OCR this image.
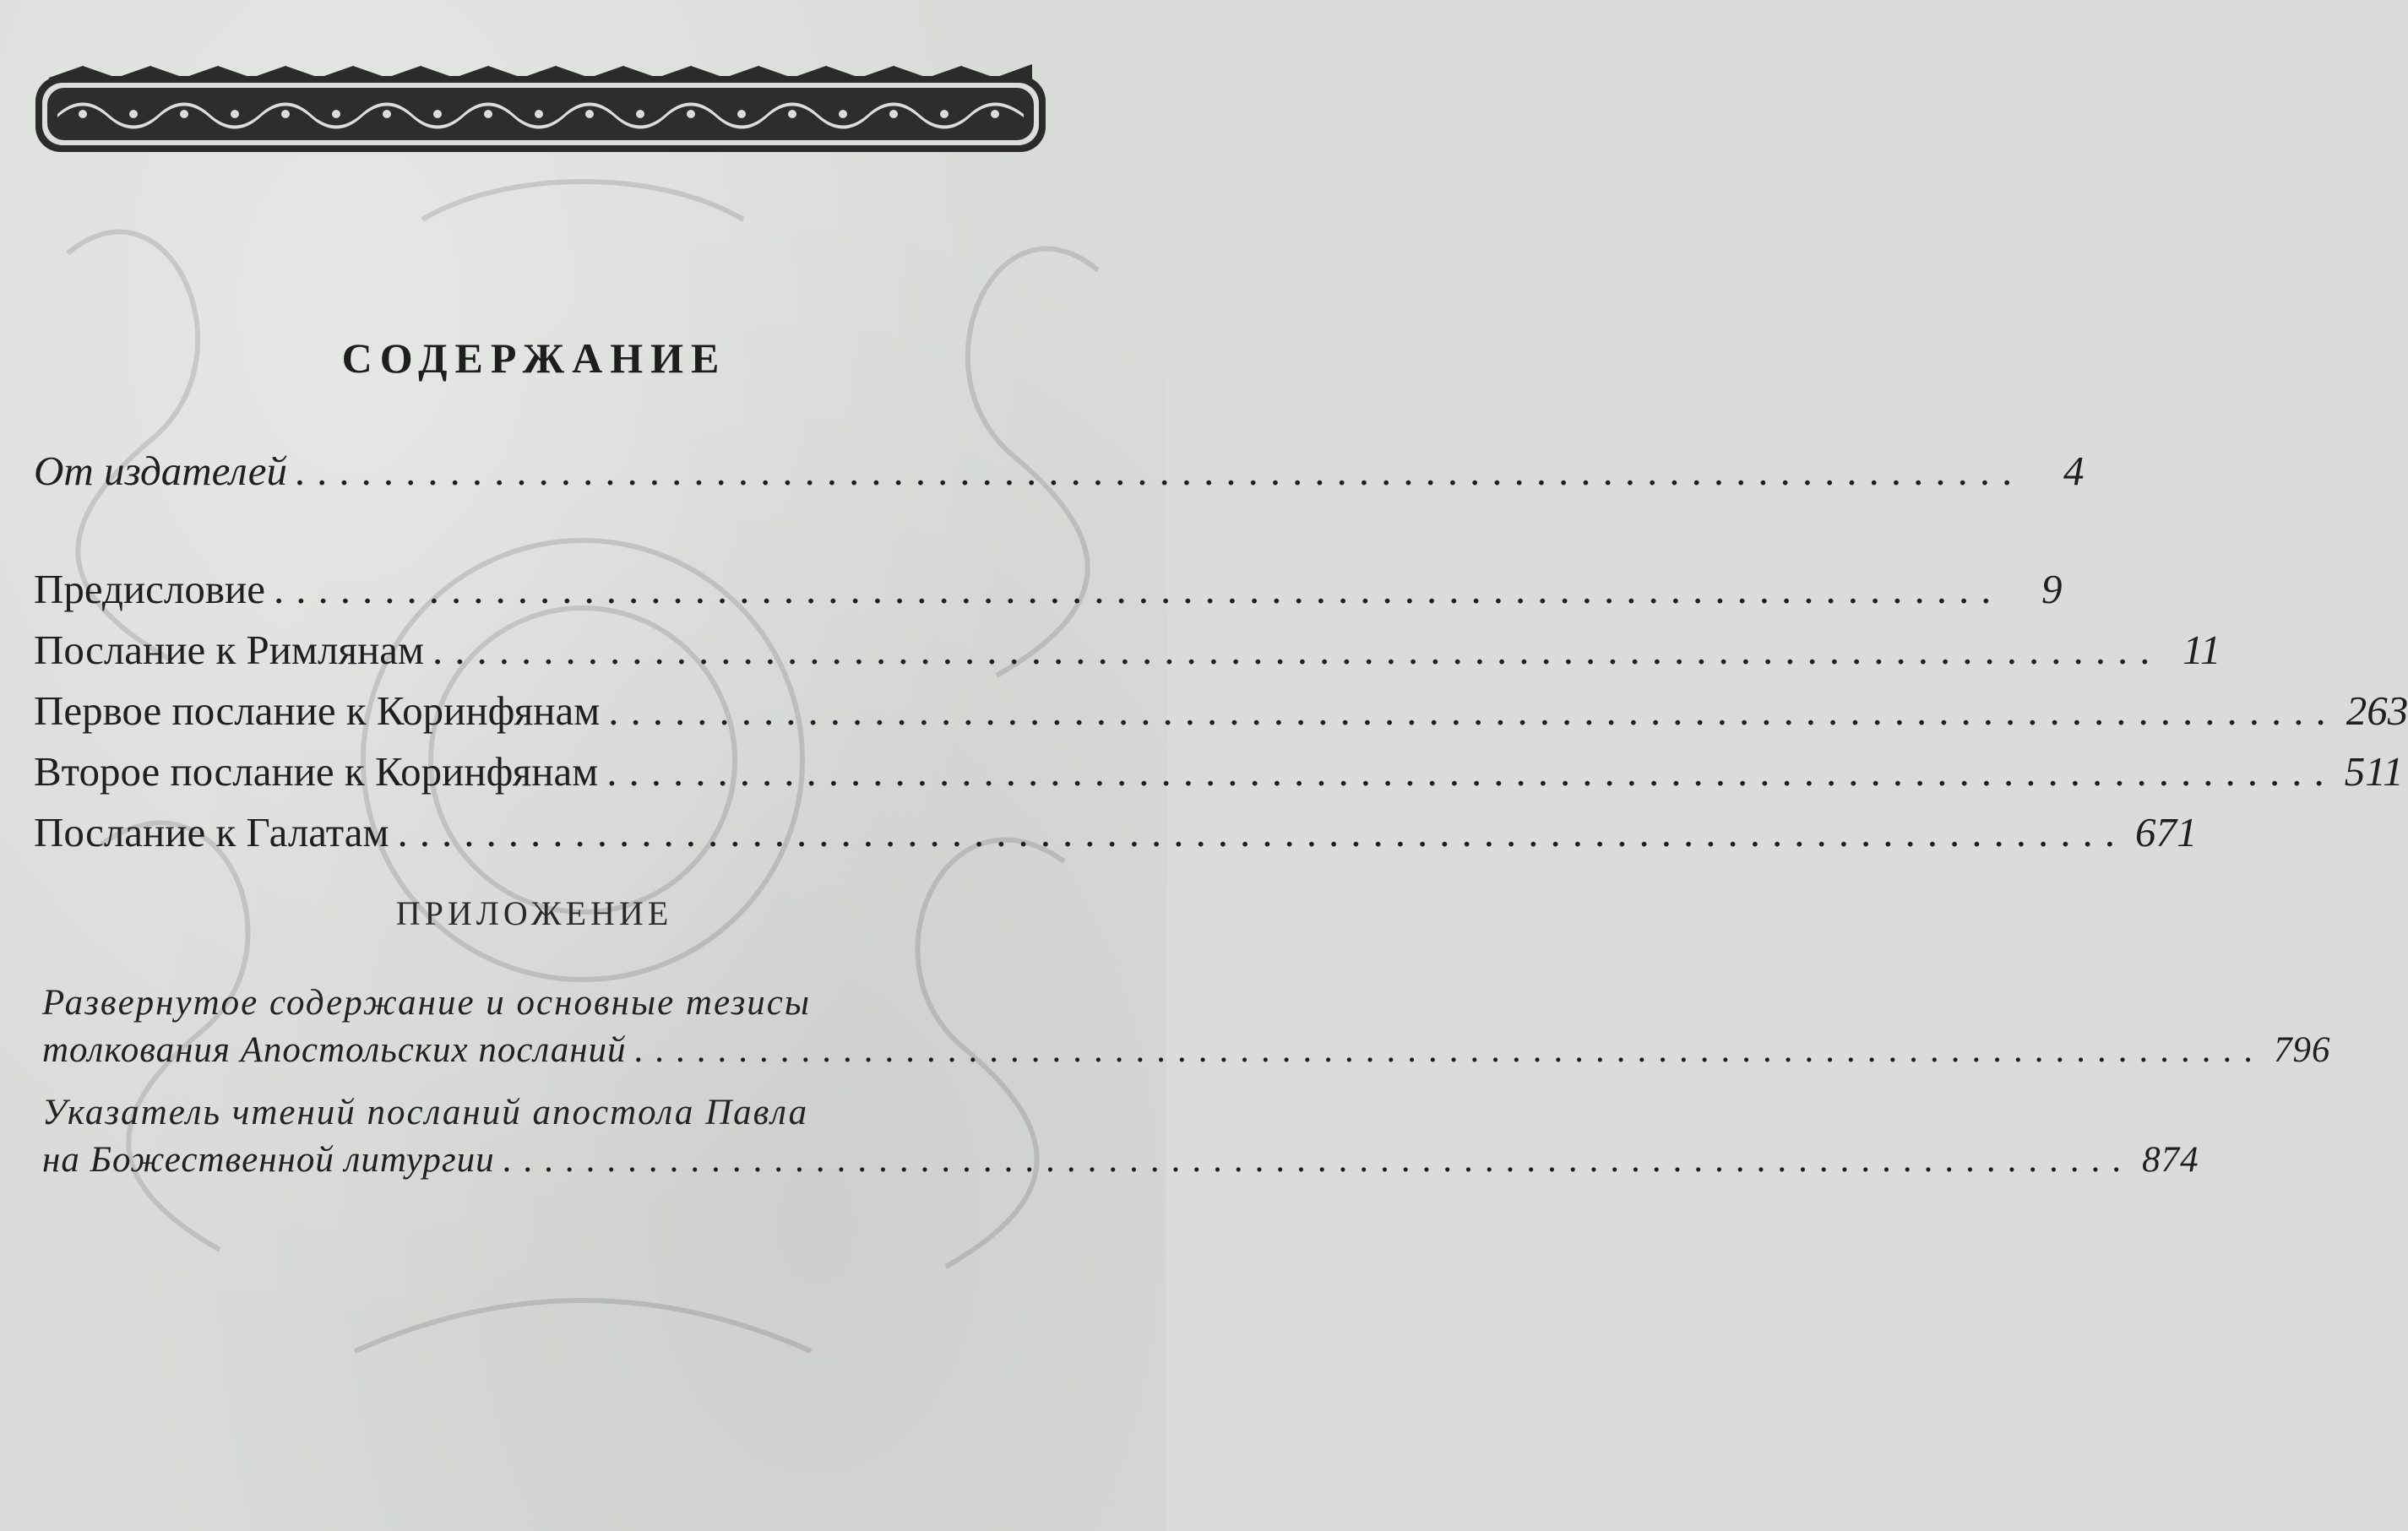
СОДЕРЖАНИЕ
От издателей .............................................................................. 4
Предисловие .............................................................................. 9
Послание к Римлянам .............................................................................. 11
Первое послание к Коринфянам .............................................................................. 263
Второе послание к Коринфянам .............................................................................. 511
Послание к Галатам .............................................................................. 671
ПРИЛОЖЕНИЕ
Развернутое содержание и основные тезисы
толкования Апостольских посланий .............................................................................. 796
Указатель чтений посланий апостола Павла
на Божественной литургии .............................................................................. 874
